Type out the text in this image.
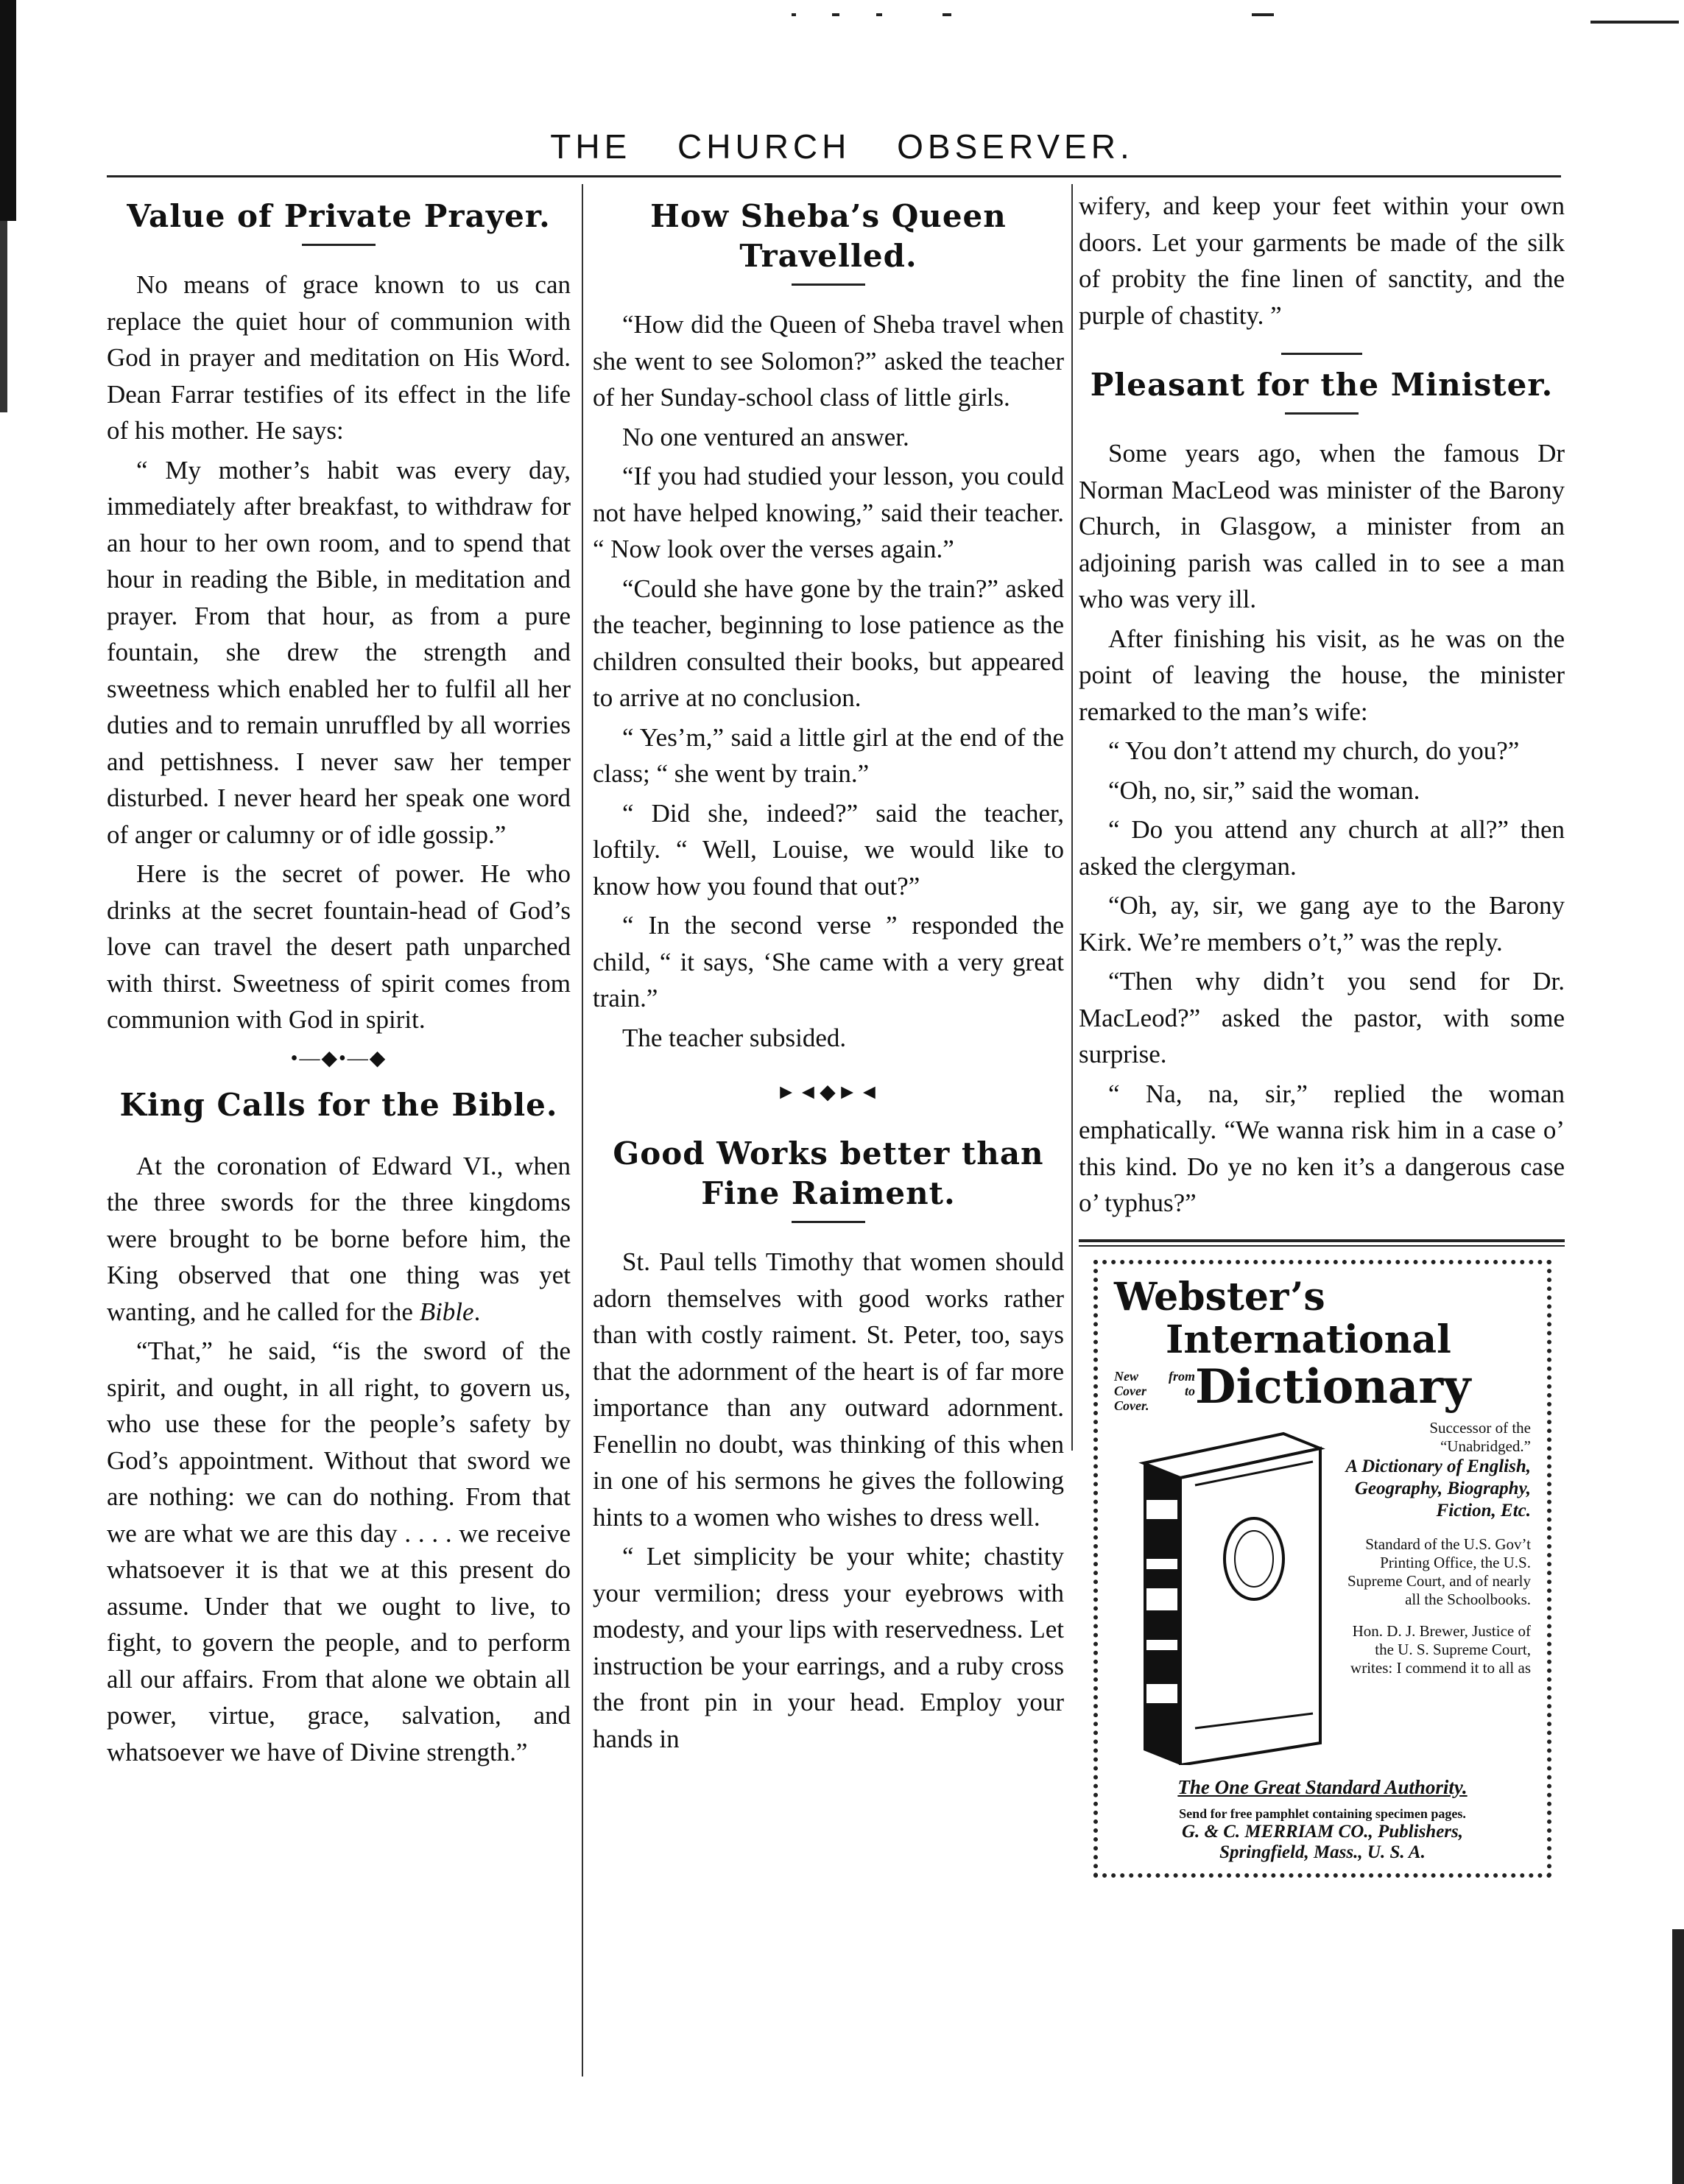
THE CHURCH OBSERVER.
Value of Private Prayer.

No means of grace known to us can replace the quiet hour of communion with God in prayer and meditation on His Word. Dean Farrar testifies of its effect in the life of his mother. He says:

“ My mother’s habit was every day, immediately after breakfast, to withdraw for an hour to her own room, and to spend that hour in reading the Bible, in meditation and prayer. From that hour, as from a pure fountain, she drew the strength and sweetness which enabled her to fulfil all her duties and to remain unruffled by all worries and pettishness. I never saw her temper disturbed. I never heard her speak one word of anger or calumny or of idle gossip.”

Here is the secret of power. He who drinks at the secret fountain-head of God’s love can travel the desert path unparched with thirst. Sweetness of spirit comes from communion with God in spirit.

•—◆•—◆
King Calls for the Bible.

At the coronation of Edward VI., when the three swords for the three kingdoms were brought to be borne before him, the King observed that one thing was yet wanting, and he called for the Bible.

“That,” he said, “is the sword of the spirit, and ought, in all right, to govern us, who use these for the people’s safety by God’s appointment. Without that sword we are nothing: we can do nothing. From that we are what we are this day . . . . we receive whatsoever it is that we at this present do assume. Under that we ought to live, to fight, to govern the people, and to perform all our affairs. From that alone we obtain all power, virtue, grace, salvation, and whatsoever we have of Divine strength.”

How Sheba’s Queen Travelled.

“How did the Queen of Sheba travel when she went to see Solomon?” asked the teacher of her Sunday-school class of little girls.

No one ventured an answer.

“If you had studied your lesson, you could not have helped knowing,” said their teacher. “ Now look over the verses again.”

“Could she have gone by the train?” asked the teacher, beginning to lose patience as the children consulted their books, but appeared to arrive at no conclusion.

“ Yes’m,” said a little girl at the end of the class; “ she went by train.”

“ Did she, indeed?” said the teacher, loftily. “ Well, Louise, we would like to know how you found that out?”

“ In the second verse ” responded the child, “ it says, ‘She came with a very great train.”

The teacher subsided.

►◄◆►◄
Good Works better than Fine Raiment.

St. Paul tells Timothy that women should adorn themselves with good works rather than with costly raiment. St. Peter, too, says that the adornment of the heart is of far more importance than any outward adornment. Fenellin no doubt, was thinking of this when in one of his sermons he gives the following hints to a women who wishes to dress well.

“ Let simplicity be your white; chastity your vermilion; dress your eyebrows with modesty, and your lips with reservedness. Let instruction be your earrings, and a ruby cross the front pin in your head. Employ your hands in

wifery, and keep your feet within your own doors. Let your garments be made of the silk of probity the fine linen of sanctity, and the purple of chastity. ”

Pleasant for the Minister.

Some years ago, when the famous Dr Norman MacLeod was minister of the Barony Church, in Glasgow, a minister from an adjoining parish was called in to see a man who was very ill.

After finishing his visit, as he was on the point of leaving the house, the minister remarked to the man’s wife:

“ You don’t attend my church, do you?”

“Oh, no, sir,” said the woman.

“ Do you attend any church at all?” then asked the clergyman.

“Oh, ay, sir, we gang aye to the Barony Kirk. We’re members o’t,” was the reply.

“Then why didn’t you send for Dr. MacLeod?” asked the pastor, with some surprise.

“ Na, na, sir,” replied the woman emphatically. “We wanna risk him in a case o’ this kind. Do ye no ken it’s a dangerous case o’ typhus?”

Webster’s
International
New from Cover to Cover. Dictionary
Successor of the “Unabridged.”
A Dictionary of English, Geography, Biography, Fiction, Etc.
Standard of the U.S. Gov’t Printing Office, the U.S. Supreme Court, and of nearly all the Schoolbooks.
Hon. D. J. Brewer, Justice of the U. S. Supreme Court, writes: I commend it to all as
The One Great Standard Authority.
Send for free pamphlet containing specimen pages.
G. & C. MERRIAM CO., Publishers,
Springfield, Mass., U. S. A.
